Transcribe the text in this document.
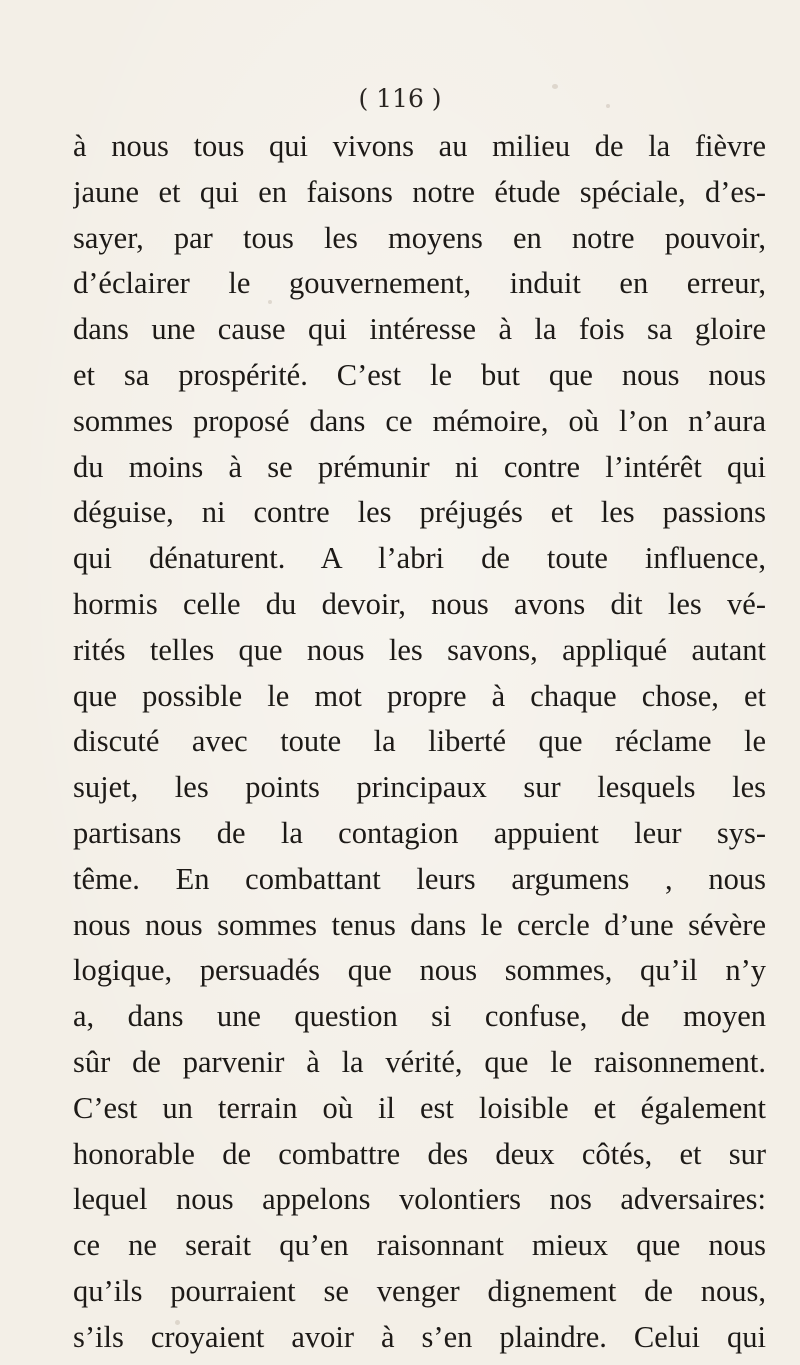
( 116 )
à nous tous qui vivons au milieu de la fièvre
jaune et qui en faisons notre étude spéciale, d’es-
sayer, par tous les moyens en notre pouvoir,
d’éclairer le gouvernement, induit en erreur,
dans une cause qui intéresse à la fois sa gloire
et sa prospérité. C’est le but que nous nous
sommes proposé dans ce mémoire, où l’on n’aura
du moins à se prémunir ni contre l’intérêt qui
déguise, ni contre les préjugés et les passions
qui dénaturent. A l’abri de toute influence,
hormis celle du devoir, nous avons dit les vé-
rités telles que nous les savons, appliqué autant
que possible le mot propre à chaque chose, et
discuté avec toute la liberté que réclame le
sujet, les points principaux sur lesquels les
partisans de la contagion appuient leur sys-
tême. En combattant leurs argumens , nous
nous nous sommes tenus dans le cercle d’une sévère
logique, persuadés que nous sommes, qu’il n’y
a, dans une question si confuse, de moyen
sûr de parvenir à la vérité, que le raisonnement.
C’est un terrain où il est loisible et également
honorable de combattre des deux côtés, et sur
lequel nous appelons volontiers nos adversaires:
ce ne serait qu’en raisonnant mieux que nous
qu’ils pourraient se venger dignement de nous,
s’ils croyaient avoir à s’en plaindre. Celui qui
